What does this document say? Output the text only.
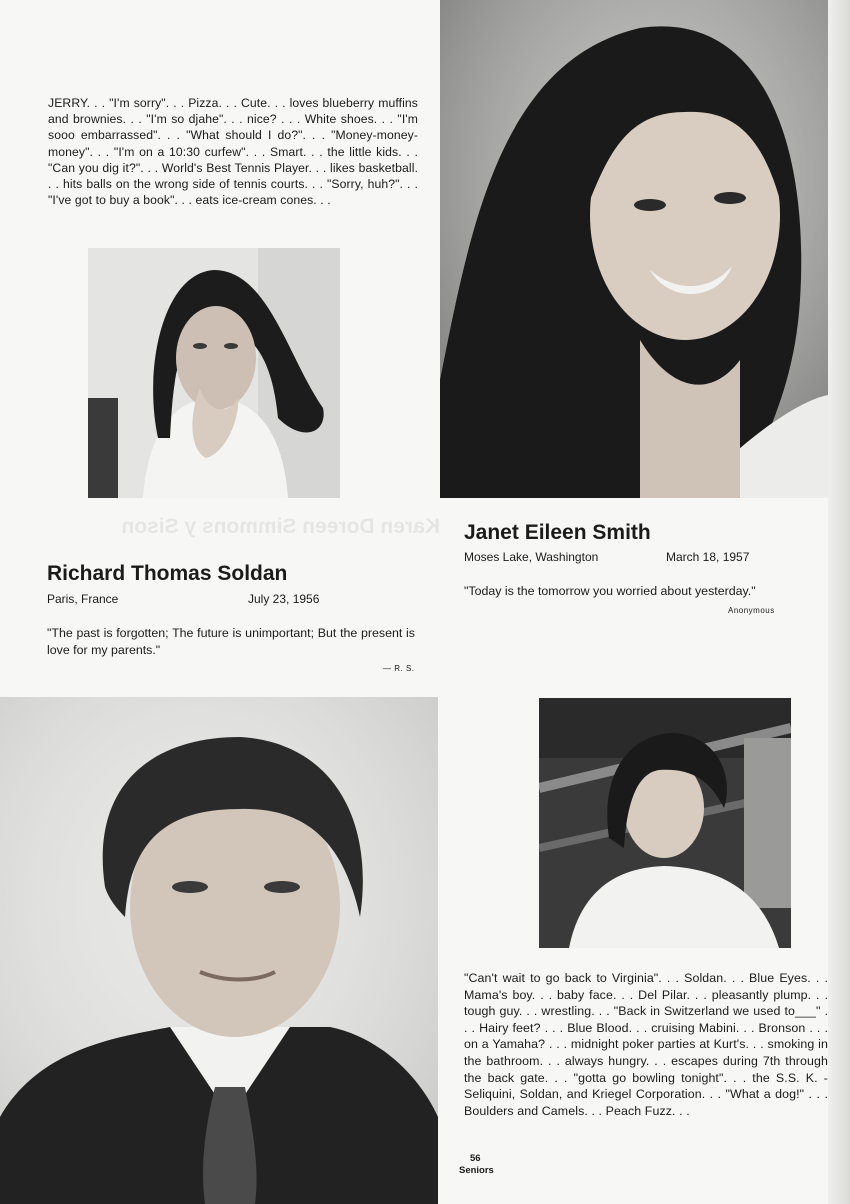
Karen Doreen Simmons y Sison
JERRY. . . "I'm sorry". . . Pizza. . . Cute. . . loves blueberry muffins and brownies. . . "I'm so djahe". . . nice? . . . White shoes. . . "I'm sooo embarrassed". . . "What should I do?". . . "Money-money-money". . . "I'm on a 10:30 curfew". . . Smart. . . the little kids. . . "Can you dig it?". . . World's Best Tennis Player. . . likes basketball. . . hits balls on the wrong side of tennis courts. . . "Sorry, huh?". . . "I've got to buy a book". . . eats ice-cream cones. . .
Janet Eileen Smith
Moses Lake, Washington	March 18, 1957
"Today is the tomorrow you worried about yesterday."
Anonymous
Richard Thomas Soldan
Paris, France	July 23, 1956
"The past is forgotten; The future is unimportant; But the present is love for my parents."
— R. S.
"Can't wait to go back to Virginia". . . Soldan. . . Blue Eyes. . . Mama's boy. . . baby face. . . Del Pilar. . . pleasantly plump. . . tough guy. . . wrestling. . . "Back in Switzerland we used to___" . . . Hairy feet? . . . Blue Blood. . . cruising Mabini. . . Bronson . . . on a Yamaha? . . . midnight poker parties at Kurt's. . . smoking in the bathroom. . . always hungry. . . escapes during 7th through the back gate. . . "gotta go bowling tonight". . . the S.S. K. - Seliquini, Soldan, and Kriegel Corporation. . . "What a dog!" . . . Boulders and Camels. . . Peach Fuzz. . .
56
Seniors
